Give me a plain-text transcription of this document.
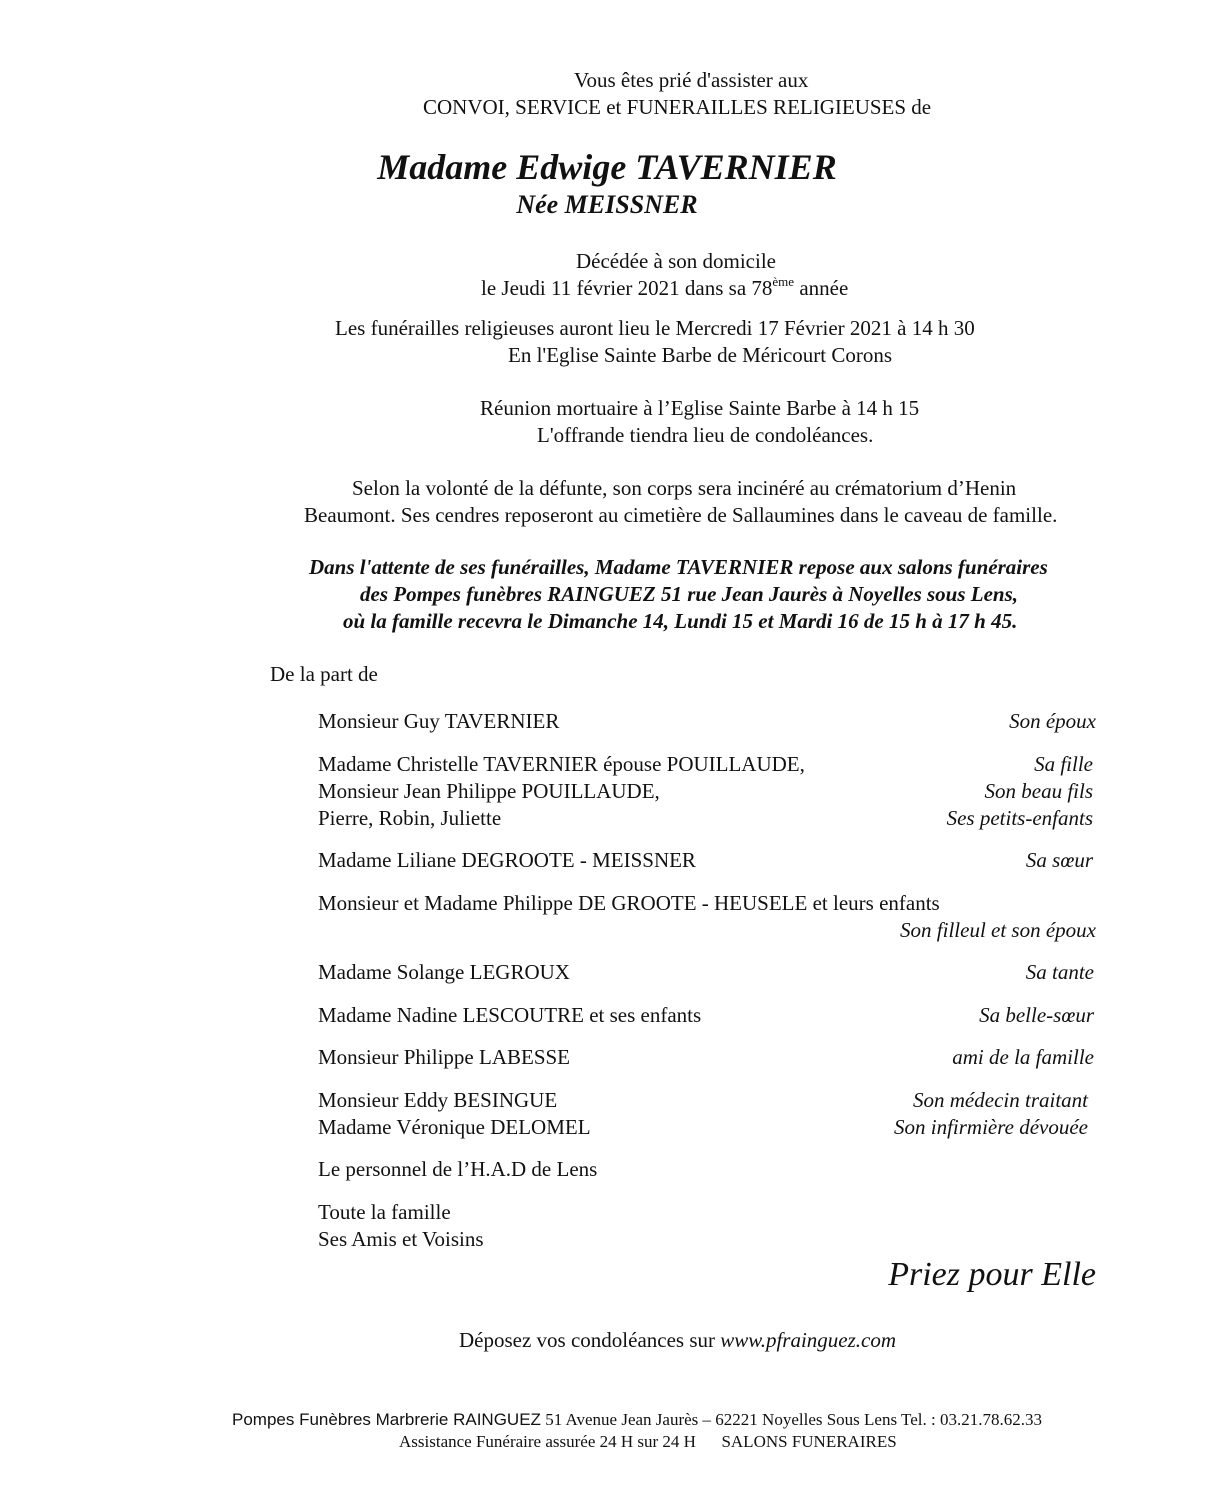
Vous êtes prié d'assister aux
CONVOI, SERVICE et FUNERAILLES RELIGIEUSES de
Madame Edwige TAVERNIER
Née MEISSNER
Décédée à son domicile
le Jeudi 11 février 2021 dans sa 78ème année
Les funérailles religieuses auront lieu le Mercredi 17 Février 2021 à 14 h 30
En l'Eglise Sainte Barbe de Méricourt Corons
Réunion mortuaire à l’Eglise Sainte Barbe à 14 h 15
L'offrande tiendra lieu de condoléances.
Selon la volonté de la défunte, son corps sera incinéré au crématorium d’Henin
Beaumont. Ses cendres reposeront au cimetière de Sallaumines dans le caveau de famille.
Dans l'attente de ses funérailles, Madame TAVERNIER repose aux salons funéraires
des Pompes funèbres RAINGUEZ 51 rue Jean Jaurès à Noyelles sous Lens,
où la famille recevra le Dimanche 14, Lundi 15 et Mardi 16 de 15 h à 17 h 45.
De la part de
Monsieur Guy TAVERNIER	Son époux
Madame Christelle TAVERNIER épouse POUILLAUDE,	Sa fille
Monsieur Jean Philippe POUILLAUDE,	Son beau fils
Pierre, Robin, Juliette	Ses petits-enfants
Madame Liliane DEGROOTE - MEISSNER	Sa sœur
Monsieur et Madame Philippe DE GROOTE - HEUSELE et leurs enfants
Son filleul et son époux
Madame Solange LEGROUX	Sa tante
Madame Nadine LESCOUTRE et ses enfants	Sa belle-sœur
Monsieur Philippe LABESSE	ami de la famille
Monsieur Eddy BESINGUE	Son médecin traitant
Madame Véronique DELOMEL	Son infirmière dévouée
Le personnel de l’H.A.D de Lens
Toute la famille
Ses Amis et Voisins
Priez pour Elle
Déposez vos condoléances sur www.pfrainguez.com
Pompes Funèbres Marbrerie RAINGUEZ 51 Avenue Jean Jaurès – 62221 Noyelles Sous Lens Tel. : 03.21.78.62.33
Assistance Funéraire assurée 24 H sur 24 H      SALONS FUNERAIRES
